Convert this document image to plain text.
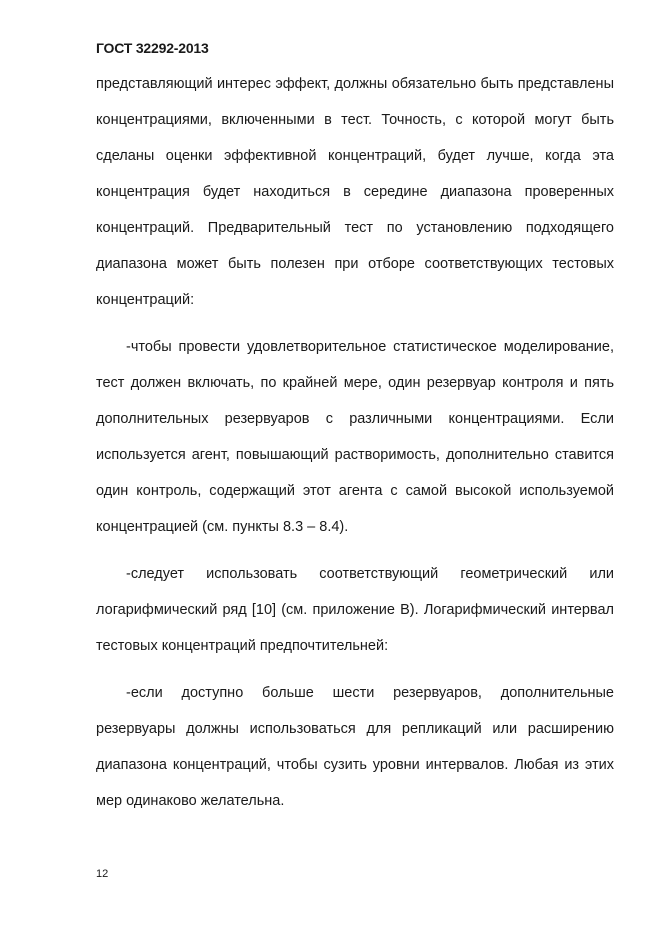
ГОСТ 32292-2013

представляющий интерес эффект, должны обязательно быть представлены концентрациями, включенными в тест. Точность, с которой могут быть сделаны оценки эффективной концентраций, будет лучше, когда эта концентрация будет находиться в середине диапазона проверенных концентраций. Предварительный тест по установлению подходящего диапазона может быть полезен при отборе соответствующих тестовых концентраций:

-чтобы провести удовлетворительное статистическое моделирование, тест должен включать, по крайней мере, один резервуар контроля и пять дополнительных резервуаров с различными концентрациями. Если используется агент, повышающий растворимость, дополнительно ставится один контроль, содержащий этот агента с самой высокой используемой концентрацией (см. пункты 8.3 – 8.4).

-следует использовать соответствующий геометрический или логарифмический ряд [10] (см. приложение В). Логарифмический интервал тестовых концентраций предпочтительней:

-если доступно больше шести резервуаров, дополнительные резервуары должны использоваться для репликаций или расширению диапазона концентраций, чтобы сузить уровни интервалов. Любая из этих мер одинаково желательна.

12
